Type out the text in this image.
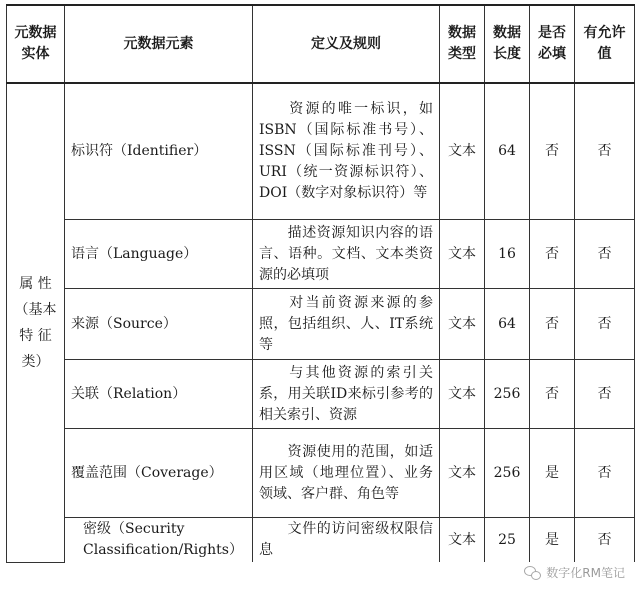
元数据实体	元数据元素	定义及规则	数据类型	数据长度	是否必填	有允许值
属 性（基本特 征类）	标识符（Identifier）	资源的唯一标识，如ISBN（国际标准书号）、ISSN（国际标准刊号）、URI（统一资源标识符）、DOI（数字对象标识符）等	文本	64	否	否
	语言（Language）	描述资源知识内容的语言、语种。文档、文本类资源的必填项	文本	16	否	否
	来源（Source）	对当前资源来源的参照，包括组织、人、IT系统等	文本	64	否	否
	关联（Relation）	与其他资源的索引关系，用关联ID来标引参考的相关索引、资源	文本	256	否	否
	覆盖范围（Coverage）	资源使用的范围，如适用区域（地理位置）、业务领域、客户群、角色等	文本	256	是	否
	密级（Security Classification/Rights）	文件的访问密级权限信息	文本	25	是	否
数字化RM笔记
